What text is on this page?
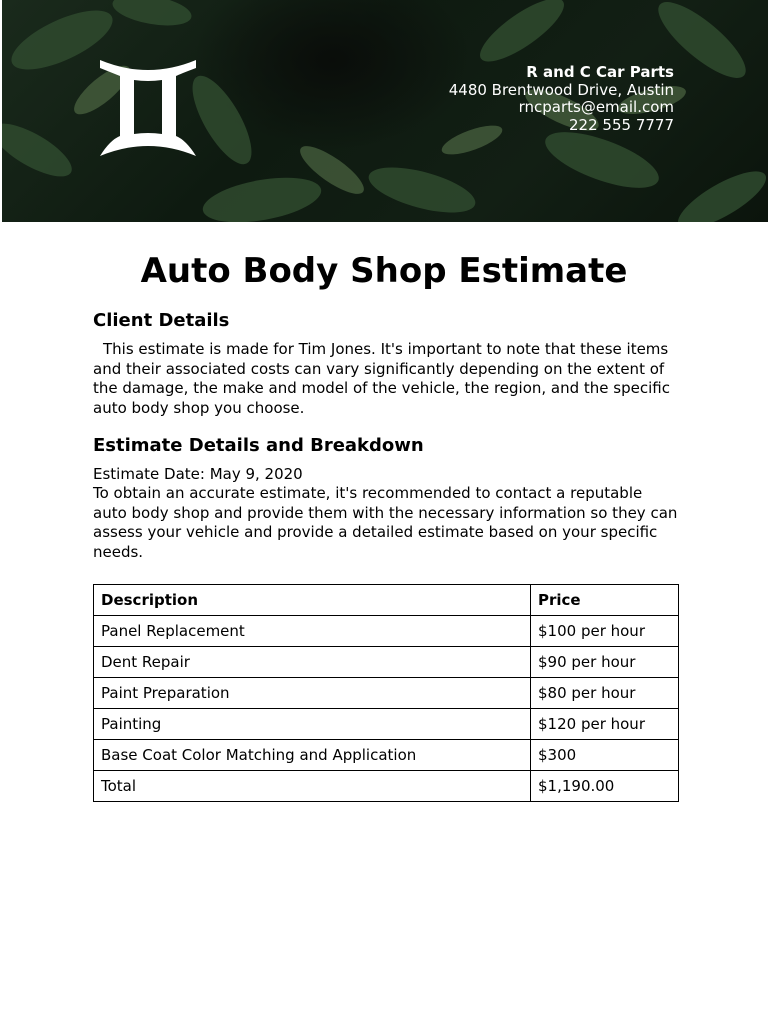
R and C Car Parts
4480 Brentwood Drive, Austin
rncparts@email.com
222 555 7777
Auto Body Shop Estimate
Client Details

This estimate is made for Tim Jones. It's important to note that these items and their associated costs can vary significantly depending on the extent of the damage, the make and model of the vehicle, the region, and the specific auto body shop you choose.

Estimate Details and Breakdown

Estimate Date: May 9, 2020

To obtain an accurate estimate, it's recommended to contact a reputable auto body shop and provide them with the necessary information so they can assess your vehicle and provide a detailed estimate based on your specific needs.

Description	Price
Panel Replacement	$100 per hour
Dent Repair	$90 per hour
Paint Preparation	$80 per hour
Painting	$120 per hour
Base Coat Color Matching and Application	$300
Total	$1,190.00
